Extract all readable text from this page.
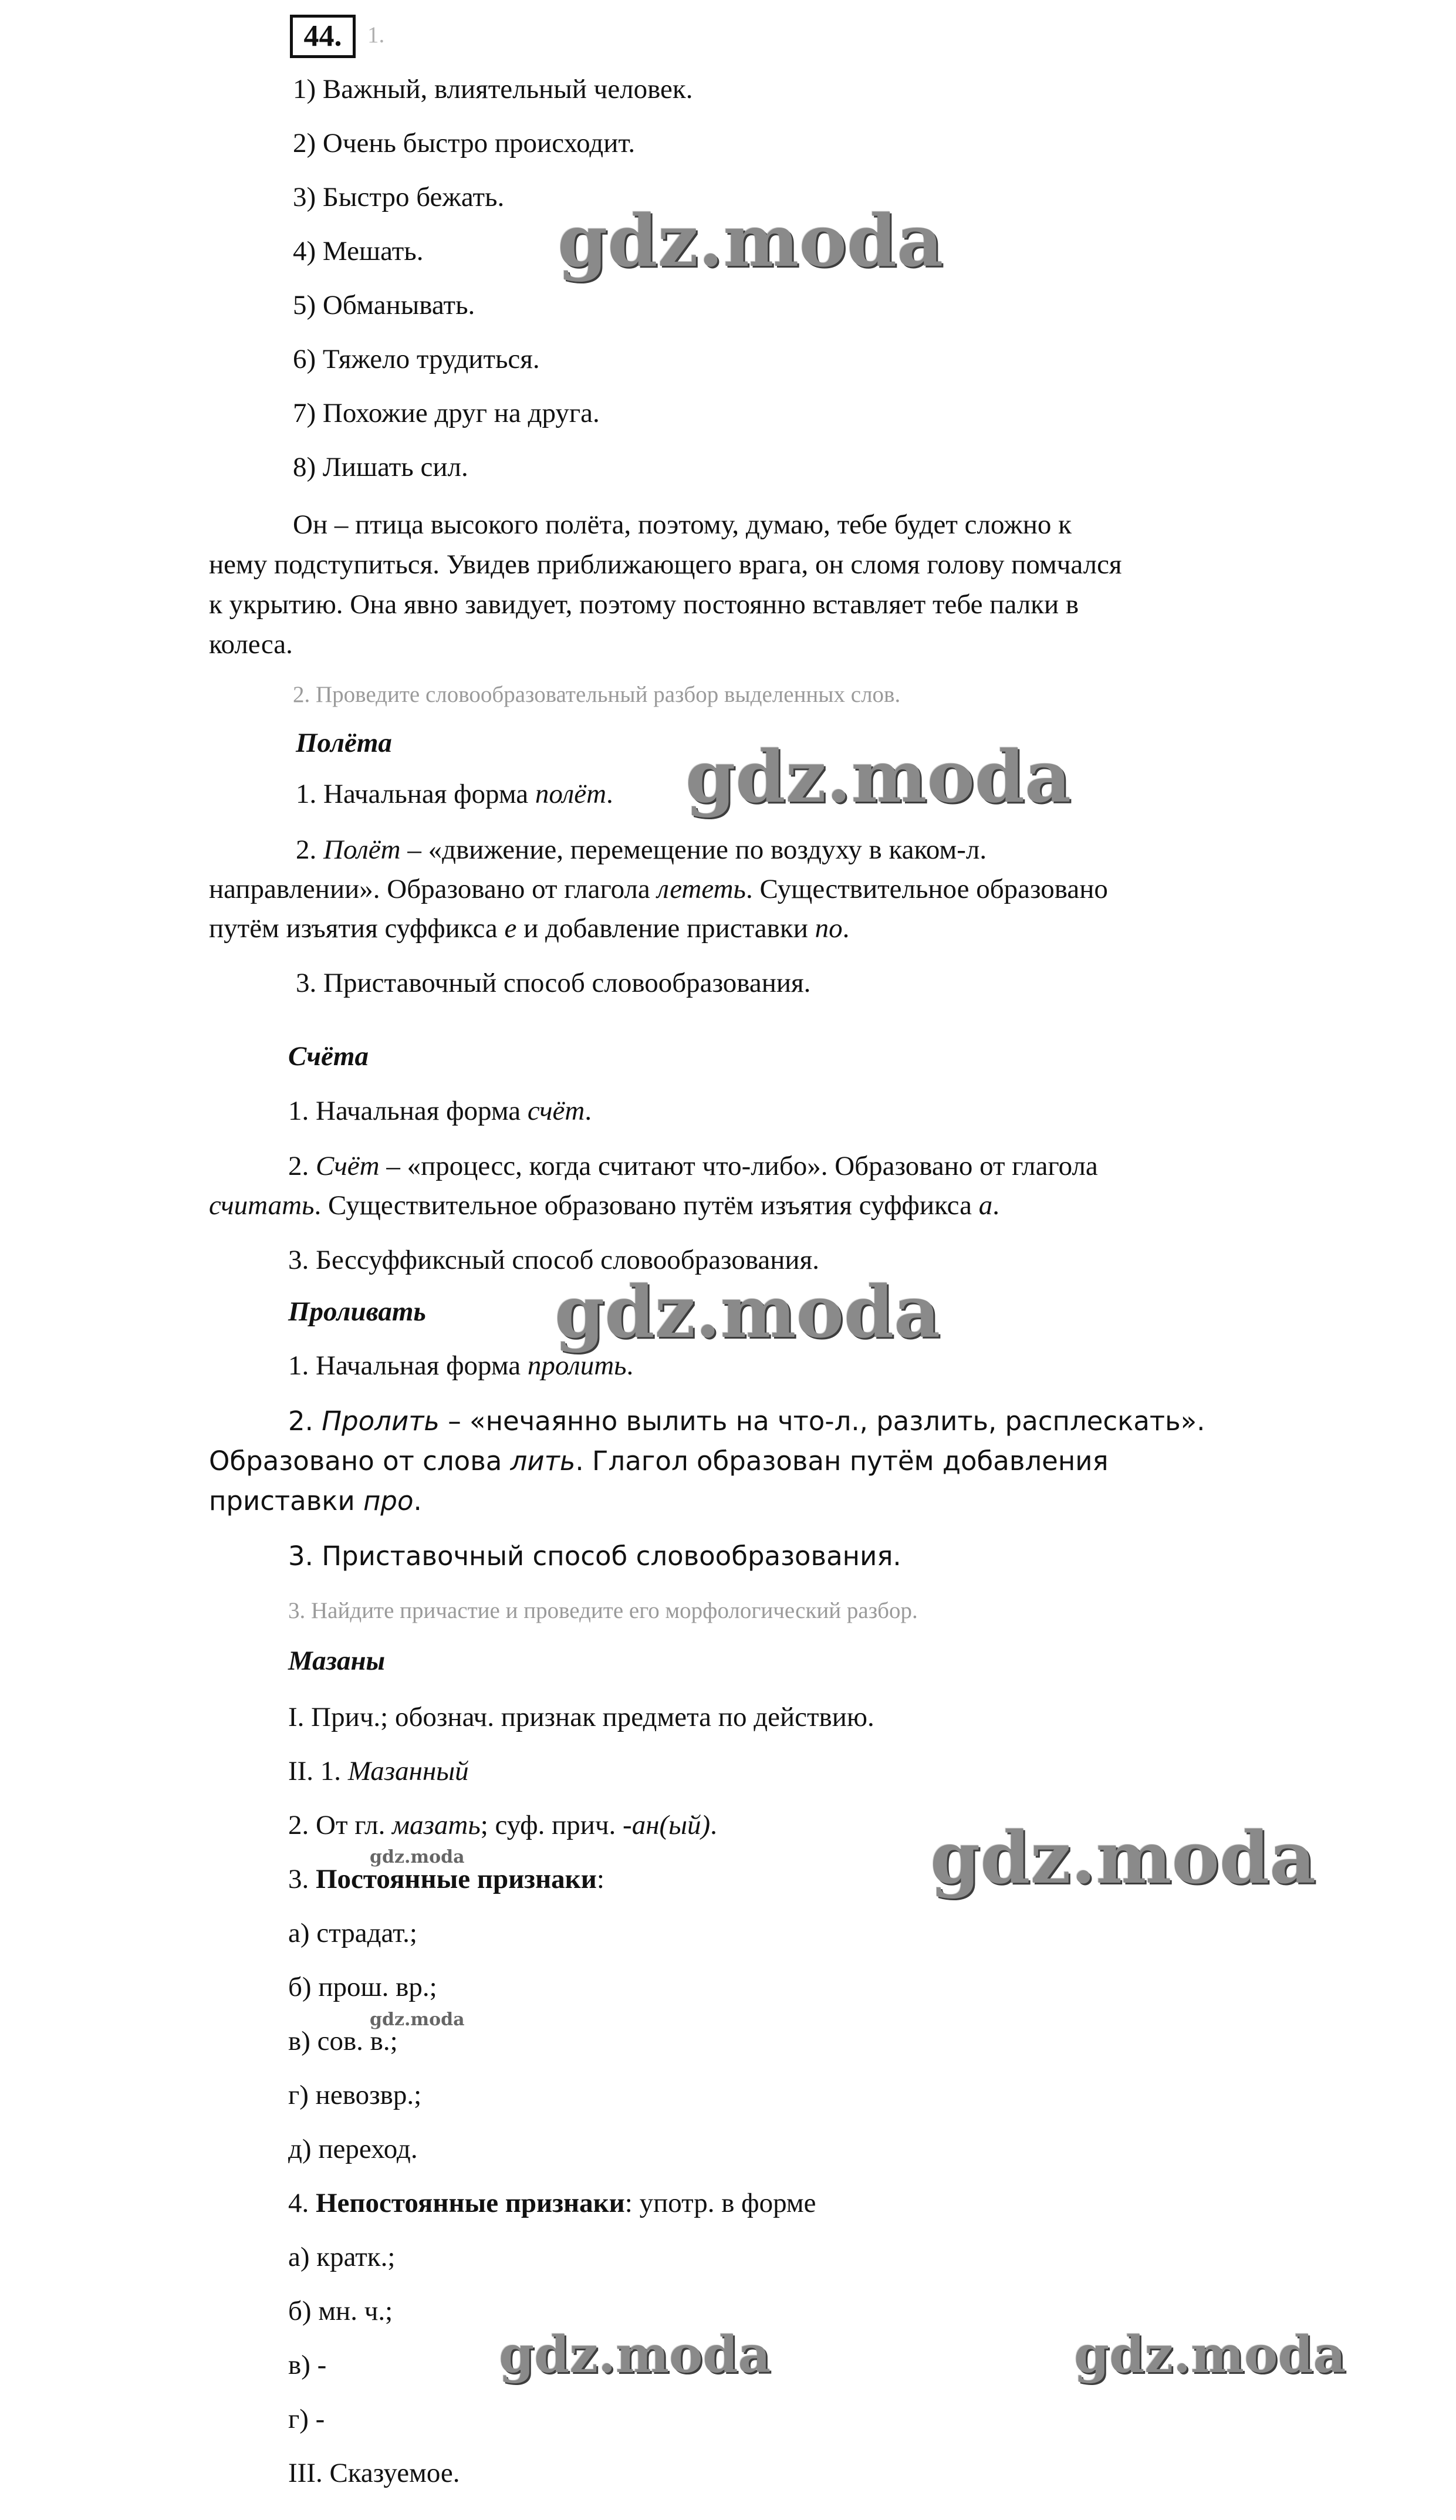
44.	1.
1) Важный, влиятельный человек.
2) Очень быстро происходит.
3) Быстро бежать.
4) Мешать.
5) Обманывать.
6) Тяжело трудиться.
7) Похожие друг на друга.
8) Лишать сил.
Он – птица высокого полёта, поэтому, думаю, тебе будет сложно к
нему подступиться. Увидев приближающего врага, он сломя голову помчался
к укрытию. Она явно завидует, поэтому постоянно вставляет тебе палки в
колеса.
2. Проведите словообразовательный разбор выделенных слов.
Полёта
1. Начальная форма полёт.
2. Полёт – «движение, перемещение по воздуху в каком-л.
направлении». Образовано от глагола лететь. Существительное образовано
путём изъятия суффикса е и добавление приставки по.
3. Приставочный способ словообразования.
Счёта
1. Начальная форма счёт.
2. Счёт – «процесс, когда считают что-либо». Образовано от глагола
считать. Существительное образовано путём изъятия суффикса а.
3. Бессуффиксный способ словообразования.
Проливать
1. Начальная форма пролить.
2. Пролить – «нечаянно вылить на что-л., разлить, расплескать».
Образовано от слова лить. Глагол образован путём добавления
приставки про.
3. Приставочный способ словообразования.
3. Найдите причастие и проведите его морфологический разбор.
Мазаны
I. Прич.; обознач. признак предмета по действию.
II. 1. Мазанный
2. От гл. мазать; суф. прич. -ан(ый).
3. Постоянные признаки:
а) страдат.;
б) прош. вр.;
в) сов. в.;
г) невозвр.;
д) переход.
4. Непостоянные признаки: употр. в форме
а) кратк.;
б) мн. ч.;
в) -
г) -
III. Сказуемое.
gdz.moda
gdz.moda
gdz.moda
gdz.moda
gdz.moda
gdz.moda
gdz.moda	gdz.moda
